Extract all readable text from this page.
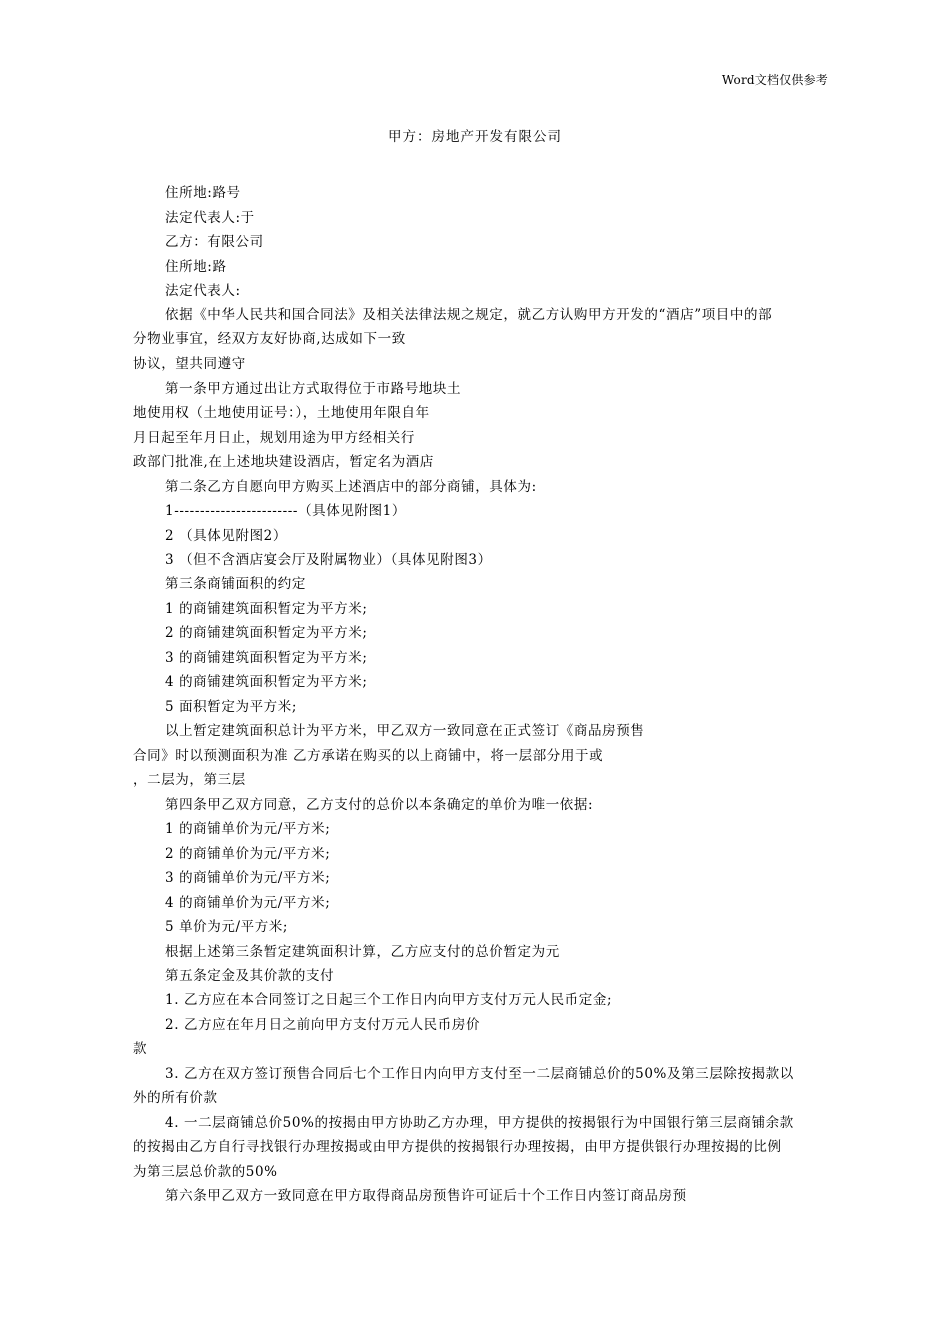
Word文档仅供参考
甲方：房地产开发有限公司
住所地:路号
法定代表人:于
乙方：有限公司
住所地:路
法定代表人:
依据《中华人民共和国合同法》及相关法律法规之规定，就乙方认购甲方开发的“酒店”项目中的部
分物业事宜，经双方友好协商,达成如下一致
协议，望共同遵守
第一条甲方通过出让方式取得位于市路号地块土
地使用权（土地使用证号：），土地使用年限自年
月日起至年月日止，规划用途为甲方经相关行
政部门批准,在上述地块建设酒店，暂定名为酒店
第二条乙方自愿向甲方购买上述酒店中的部分商铺，具体为:
1------------------------（具体见附图1）
2 （具体见附图2）
3 （但不含酒店宴会厅及附属物业）（具体见附图3）
第三条商铺面积的约定
1 的商铺建筑面积暂定为平方米;
2 的商铺建筑面积暂定为平方米;
3 的商铺建筑面积暂定为平方米;
4 的商铺建筑面积暂定为平方米;
5 面积暂定为平方米;
以上暂定建筑面积总计为平方米，甲乙双方一致同意在正式签订《商品房预售
合同》时以预测面积为准 乙方承诺在购买的以上商铺中，将一层部分用于或
，二层为，第三层
第四条甲乙双方同意，乙方支付的总价以本条确定的单价为唯一依据:
1 的商铺单价为元/平方米;
2 的商铺单价为元/平方米;
3 的商铺单价为元/平方米;
4 的商铺单价为元/平方米;
5 单价为元/平方米;
根据上述第三条暂定建筑面积计算，乙方应支付的总价暂定为元
第五条定金及其价款的支付
1. 乙方应在本合同签订之日起三个工作日内向甲方支付万元人民币定金;
2. 乙方应在年月日之前向甲方支付万元人民币房价
款
3. 乙方在双方签订预售合同后七个工作日内向甲方支付至一二层商铺总价的50%及第三层除按揭款以
外的所有价款
4. 一二层商铺总价50%的按揭由甲方协助乙方办理，甲方提供的按揭银行为中国银行第三层商铺余款
的按揭由乙方自行寻找银行办理按揭或由甲方提供的按揭银行办理按揭，由甲方提供银行办理按揭的比例
为第三层总价款的50%
第六条甲乙双方一致同意在甲方取得商品房预售许可证后十个工作日内签订商品房预
